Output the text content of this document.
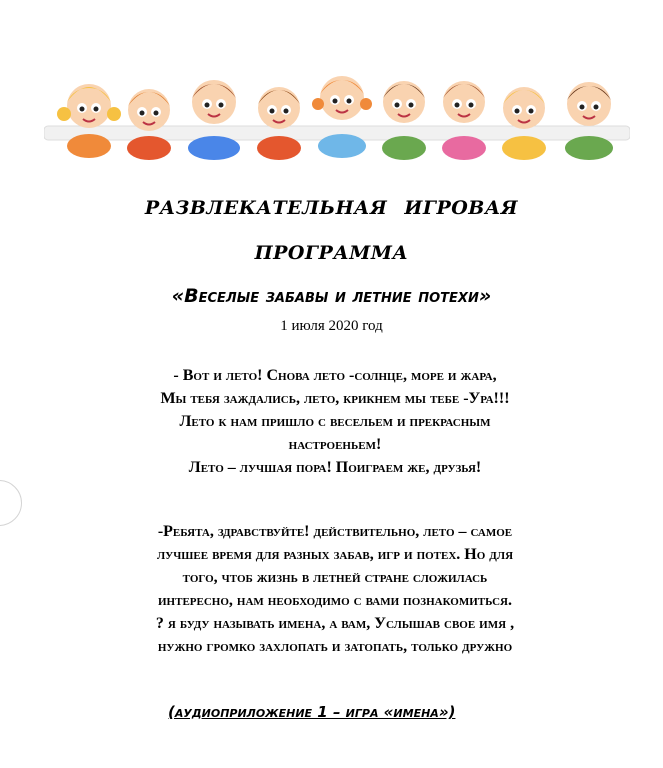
РАЗВЛЕКАТЕЛЬНАЯ ИГРОВАЯ
ПРОГРАММА
«Веселые забавы и летние потехи»
1 июля 2020 год
- Вот и лето! Снова лето -солнце, море и жара,
Мы тебя заждались, лето, крикнем мы тебе -Ура!!!
Лето к нам пришло с весельем и прекрасным
настроеньем!
Лето – лучшая пора! Поиграем же, друзья!
-Ребята, здравствуйте! действительно, лето – самое
лучшее время для разных забав, игр и потех. Но для
того, чтоб жизнь в летней стране сложилась
интересно, нам необходимо с вами познакомиться.
? я буду называть имена, а вам, Услышав свое имя ,
нужно громко захлопать и затопать, только дружно
(аудиоприложение 1 – игра «имена»)
